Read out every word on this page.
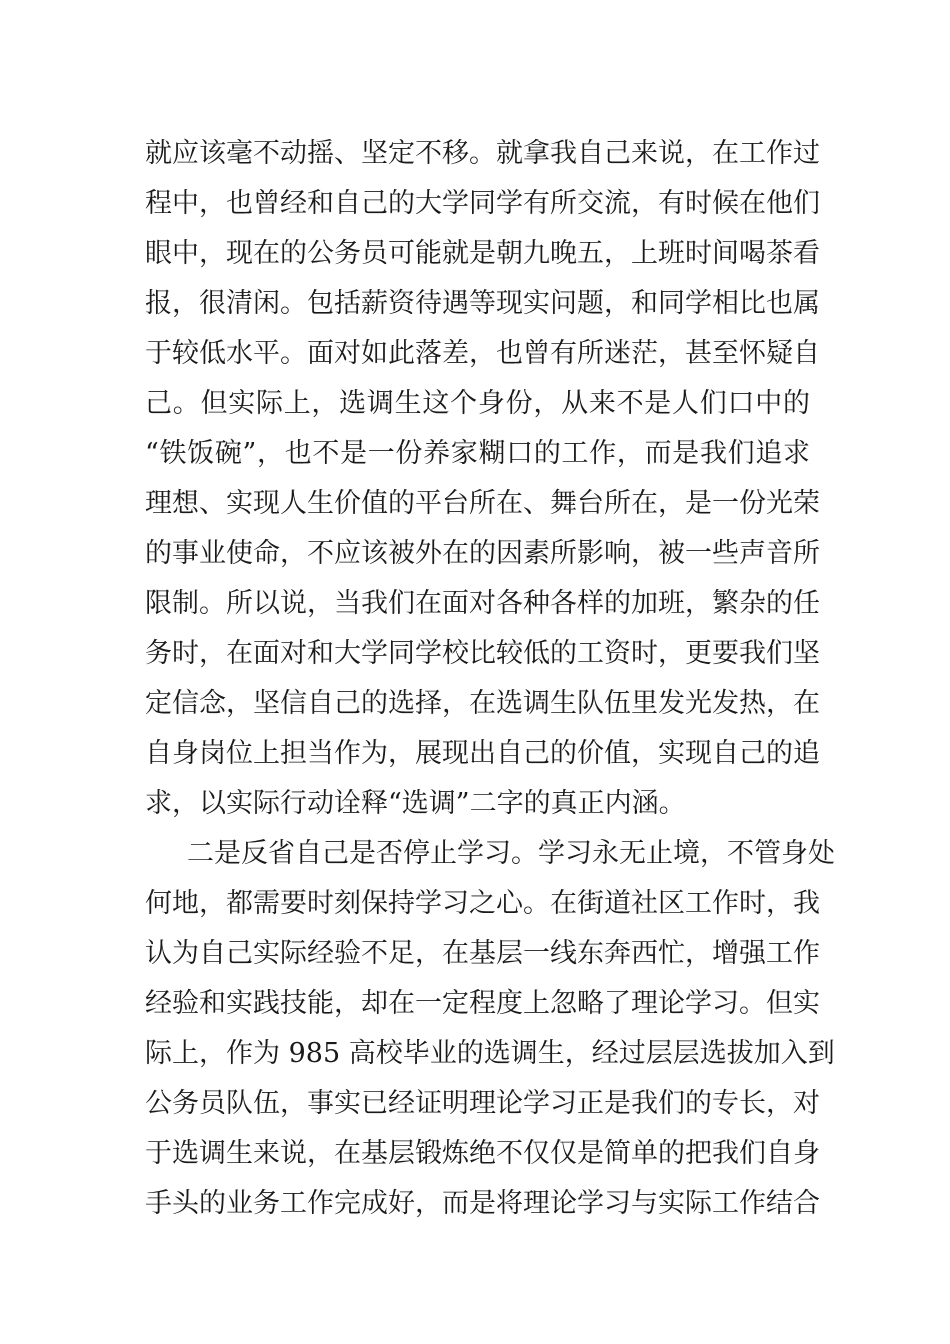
就应该毫不动摇、坚定不移。就拿我自己来说，在工作过
程中，也曾经和自己的大学同学有所交流，有时候在他们
眼中，现在的公务员可能就是朝九晚五，上班时间喝茶看
报，很清闲。包括薪资待遇等现实问题，和同学相比也属
于较低水平。面对如此落差，也曾有所迷茫，甚至怀疑自
己。但实际上，选调生这个身份，从来不是人们口中的
“铁饭碗”，也不是一份养家糊口的工作，而是我们追求
理想、实现人生价值的平台所在、舞台所在，是一份光荣
的事业使命，不应该被外在的因素所影响，被一些声音所
限制。所以说，当我们在面对各种各样的加班，繁杂的任
务时，在面对和大学同学校比较低的工资时，更要我们坚
定信念，坚信自己的选择，在选调生队伍里发光发热，在
自身岗位上担当作为，展现出自己的价值，实现自己的追
求，以实际行动诠释“选调”二字的真正内涵。
二是反省自己是否停止学习。学习永无止境，不管身处
何地，都需要时刻保持学习之心。在街道社区工作时，我
认为自己实际经验不足，在基层一线东奔西忙，增强工作
经验和实践技能，却在一定程度上忽略了理论学习。但实
际上，作为 985 高校毕业的选调生，经过层层选拔加入到
公务员队伍，事实已经证明理论学习正是我们的专长，对
于选调生来说，在基层锻炼绝不仅仅是简单的把我们自身
手头的业务工作完成好，而是将理论学习与实际工作结合
